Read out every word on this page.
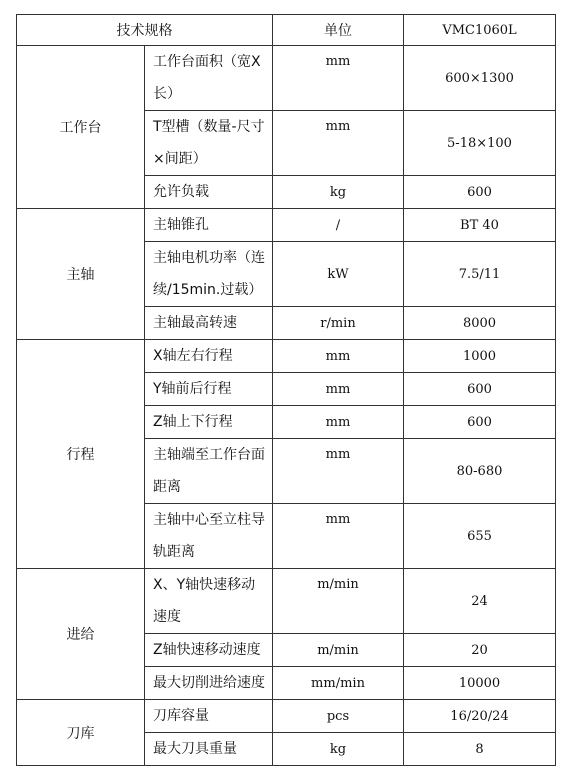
技术规格		单位	VMC1060L
工作台	工作台面积（宽X长）	mm	600×1300
	T型槽（数量-尺寸×间距）	mm	5-18×100
	允许负载	kg	600
主轴	主轴锥孔	/	BT 40
	主轴电机功率（连续/15min.过载）	kW	7.5/11
	主轴最高转速	r/min	8000
行程	X轴左右行程	mm	1000
	Y轴前后行程	mm	600
	Z轴上下行程	mm	600
	主轴端至工作台面距离	mm	80-680
	主轴中心至立柱导轨距离	mm	655
进给	X、Y轴快速移动速度	m/min	24
	Z轴快速移动速度	m/min	20
	最大切削进给速度	mm/min	10000
刀库	刀库容量	pcs	16/20/24
	最大刀具重量	kg	8
